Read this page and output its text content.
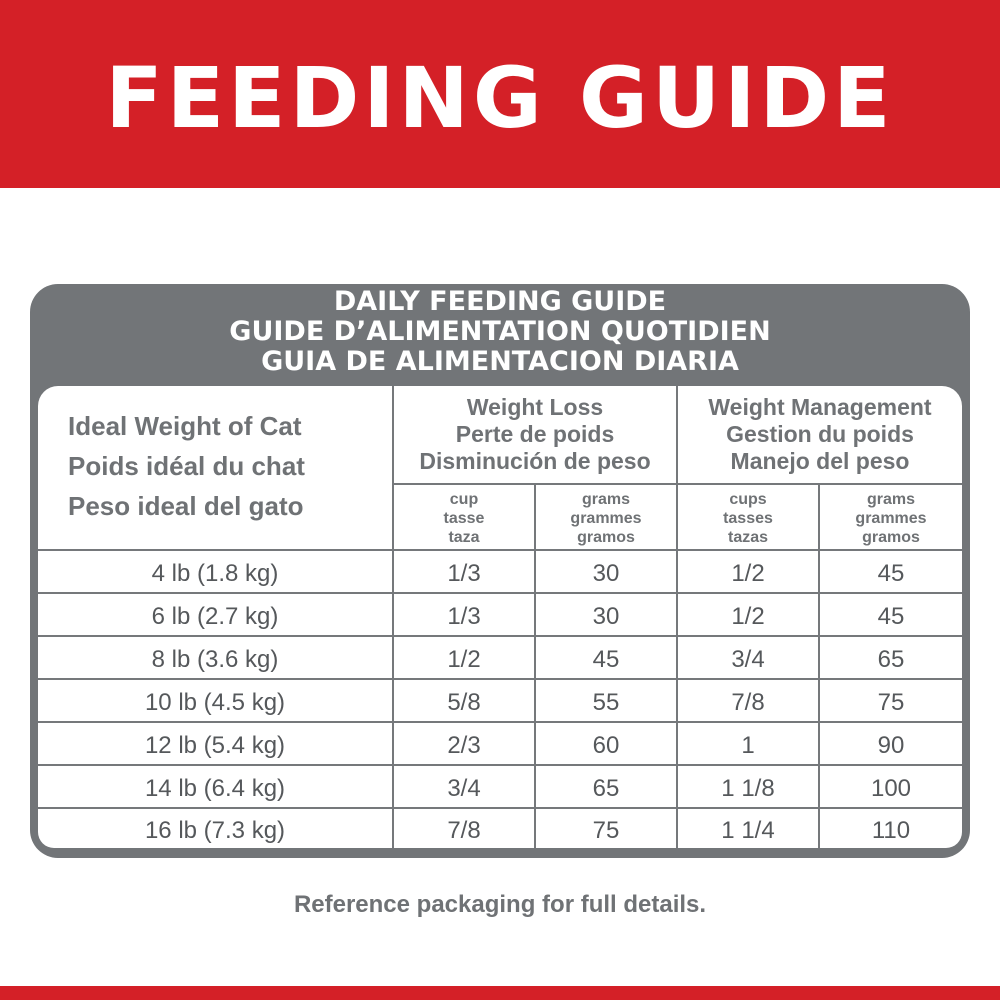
FEEDING GUIDE
DAILY FEEDING GUIDE
GUIDE D’ALIMENTATION QUOTIDIEN
GUIA DE ALIMENTACION DIARIA
Ideal Weight of Cat
Poids idéal du chat
Peso ideal del gato
Weight Loss
Perte de poids
Disminución de peso
Weight Management
Gestion du poids
Manejo del peso
cup
tasse
taza
grams
grammes
gramos
cups
tasses
tazas
grams
grammes
gramos
4 lb (1.8 kg)	1/3	30	1/2	45
6 lb (2.7 kg)	1/3	30	1/2	45
8 lb (3.6 kg)	1/2	45	3/4	65
10 lb (4.5 kg)	5/8	55	7/8	75
12 lb (5.4 kg)	2/3	60	1	90
14 lb (6.4 kg)	3/4	65	1 1/8	100
16 lb (7.3 kg)	7/8	75	1 1/4	110
Reference packaging for full details.
